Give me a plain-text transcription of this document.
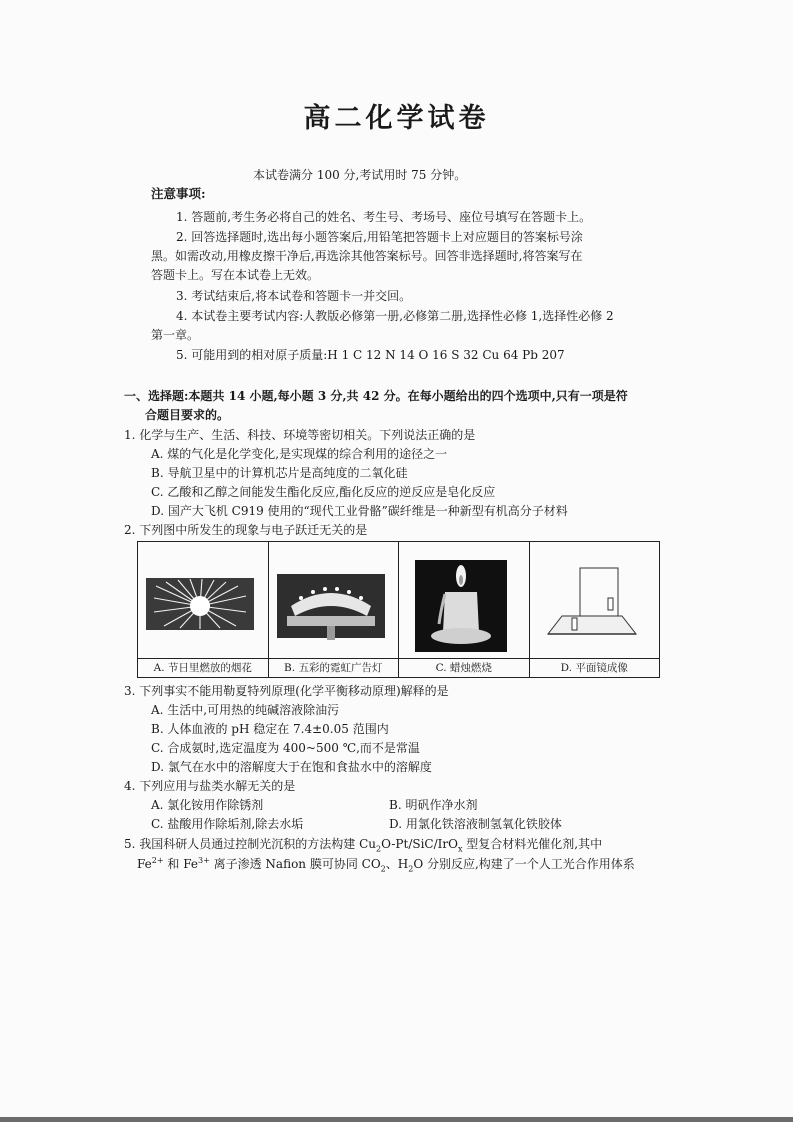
高二化学试卷
本试卷满分 100 分,考试用时 75 分钟。
注意事项:
1. 答题前,考生务必将自己的姓名、考生号、考场号、座位号填写在答题卡上。
2. 回答选择题时,选出每小题答案后,用铅笔把答题卡上对应题目的答案标号涂
黑。如需改动,用橡皮擦干净后,再选涂其他答案标号。回答非选择题时,将答案写在
答题卡上。写在本试卷上无效。
3. 考试结束后,将本试卷和答题卡一并交回。
4. 本试卷主要考试内容:人教版必修第一册,必修第二册,选择性必修 1,选择性必修 2
第一章。
5. 可能用到的相对原子质量:H 1 C 12 N 14 O 16 S 32 Cu 64 Pb 207
一、选择题:本题共 14 小题,每小题 3 分,共 42 分。在每小题给出的四个选项中,只有一项是符
合题目要求的。
1. 化学与生产、生活、科技、环境等密切相关。下列说法正确的是
A. 煤的气化是化学变化,是实现煤的综合利用的途径之一
B. 导航卫星中的计算机芯片是高纯度的二氧化硅
C. 乙酸和乙醇之间能发生酯化反应,酯化反应的逆反应是皂化反应
D. 国产大飞机 C919 使用的“现代工业骨骼”碳纤维是一种新型有机高分子材料
2. 下列图中所发生的现象与电子跃迁无关的是
A. 节日里燃放的烟花	B. 五彩的霓虹广告灯	C. 蜡烛燃烧	D. 平面镜成像
3. 下列事实不能用勒夏特列原理(化学平衡移动原理)解释的是
A. 生活中,可用热的纯碱溶液除油污
B. 人体血液的 pH 稳定在 7.4±0.05 范围内
C. 合成氨时,选定温度为 400~500 ℃,而不是常温
D. 氯气在水中的溶解度大于在饱和食盐水中的溶解度
4. 下列应用与盐类水解无关的是
A. 氯化铵用作除锈剂	B. 明矾作净水剂
C. 盐酸用作除垢剂,除去水垢	D. 用氯化铁溶液制氢氧化铁胶体
5. 我国科研人员通过控制光沉积的方法构建 $Cu_2O-Pt/SiC/IrO_x$ 型复合材料光催化剂,其中
$Fe^{2+}$ 和 $Fe^{3+}$ 离子渗透 Nafion 膜可协同 $CO_2$、$H_2O$ 分别反应,构建了一个人工光合作用体系
